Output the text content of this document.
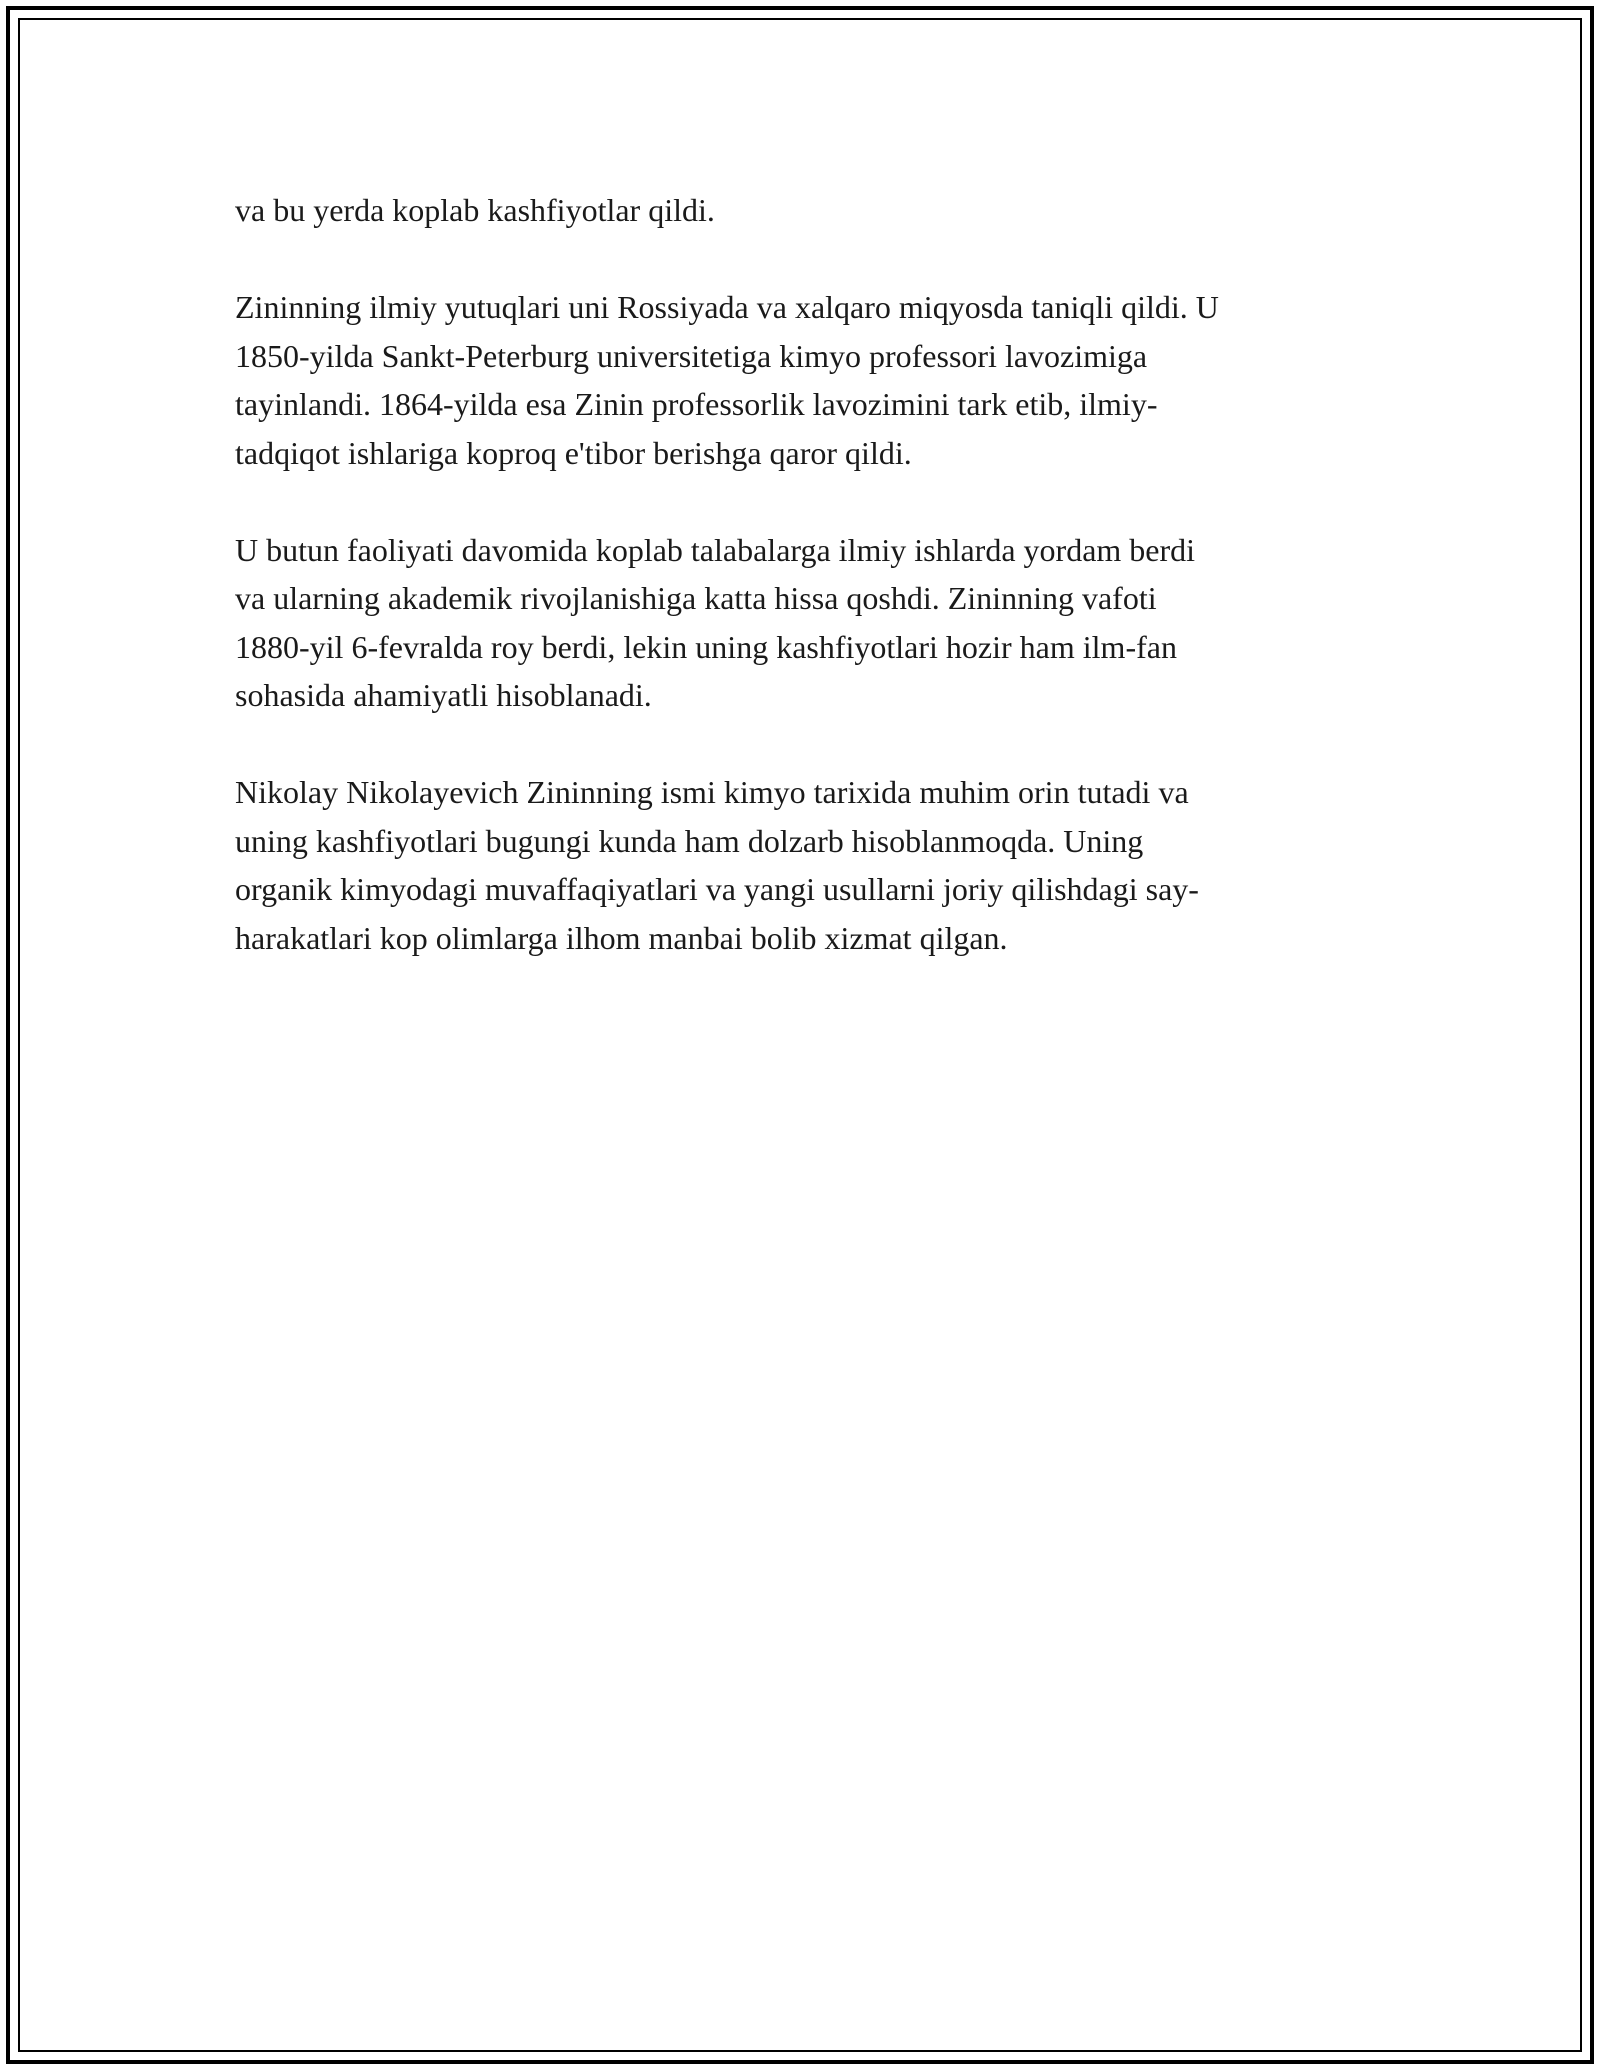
va bu yerda koplab kashfiyotlar qildi.

Zininning ilmiy yutuqlari uni Rossiyada va xalqaro miqyosda taniqli qildi. U
1850-yilda Sankt-Peterburg universitetiga kimyo professori lavozimiga
tayinlandi. 1864-yilda esa Zinin professorlik lavozimini tark etib, ilmiy-
tadqiqot ishlariga koproq e'tibor berishga qaror qildi.

U butun faoliyati davomida koplab talabalarga ilmiy ishlarda yordam berdi
va ularning akademik rivojlanishiga katta hissa qoshdi. Zininning vafoti
1880-yil 6-fevralda roy berdi, lekin uning kashfiyotlari hozir ham ilm-fan
sohasida ahamiyatli hisoblanadi.

Nikolay Nikolayevich Zininning ismi kimyo tarixida muhim orin tutadi va
uning kashfiyotlari bugungi kunda ham dolzarb hisoblanmoqda. Uning
organik kimyodagi muvaffaqiyatlari va yangi usullarni joriy qilishdagi say-
harakatlari kop olimlarga ilhom manbai bolib xizmat qilgan.
